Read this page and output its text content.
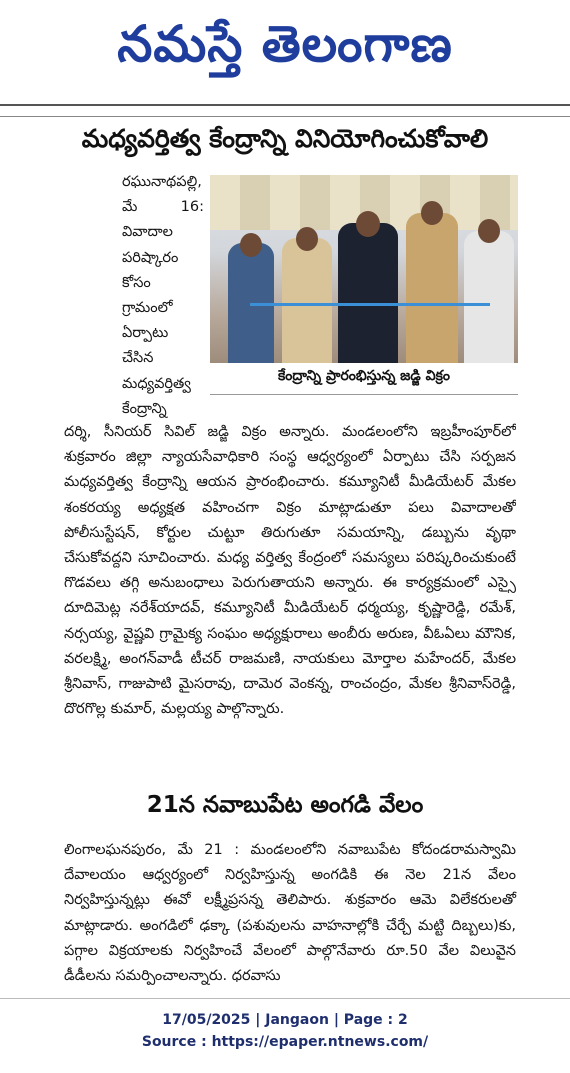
నమస్తే తెలంగాణ
మధ్యవర్తిత్వ కేంద్రాన్ని వినియోగించుకోవాలి

రఘునాథపల్లి, మే 16: వివాదాల పరిష్కారం కోసం గ్రామంలో ఏర్పాటు చేసిన మధ్యవర్తిత్వ కేంద్రాన్ని

కేంద్రాన్ని ప్రారంభిస్తున్న జడ్జి విక్రం

దర్శి, సీనియర్ సివిల్ జడ్జి విక్రం అన్నారు. మండలంలోని ఇబ్రహీంపూర్‌లో శుక్రవారం జిల్లా న్యాయసేవాధికారి సంస్థ ఆధ్వర్యంలో ఏర్పాటు చేసి సర్పజన మధ్యవర్తిత్వ కేంద్రాన్ని ఆయన ప్రారంభించారు. కమ్యూనిటీ మీడియేటర్ మేకల శంకరయ్య అధ్యక్షత వహించగా విక్రం మాట్లాడుతూ పలు వివాదాలతో పోలీసుస్టేషన్, కోర్టుల చుట్టూ తిరుగుతూ సమయాన్ని, డబ్బును వృథా చేసుకోవద్దని సూచించారు. మధ్య వర్తిత్వ కేంద్రంలో సమస్యలు పరిష్కరించుకుంటే గొడవలు తగ్గి అనుబంధాలు పెరుగుతాయని అన్నారు. ఈ కార్యక్రమంలో ఎస్సై దూదిమెట్ల నరేశ్‌యాదవ్, కమ్యూనిటీ మీడియేటర్ ధర్మయ్య, కృష్ణారెడ్డి, రమేశ్, నర్సయ్య, వైష్ణవి గ్రామైక్య సంఘం అధ్యక్షురాలు అంబీరు అరుణ, వీఓఏలు మౌనిక, వరలక్ష్మి, అంగన్‌వాడీ టీచర్ రాజమణి, నాయకులు మోర్తాల మహేందర్, మేకల శ్రీనివాస్, గాజుపాటి మైసరావు, దామెర వెంకన్న, రాంచంద్రం, మేకల శ్రీనివాస్‌రెడ్డి, దొరగొల్ల కుమార్, మల్లయ్య పాల్గొన్నారు.

21న నవాబుపేట అంగడి వేలం

లింగాలఘనపురం, మే 21 : మండలంలోని నవాబుపేట కోదండరామస్వామి దేవాలయం ఆధ్వర్యంలో నిర్వహిస్తున్న అంగడికి ఈ నెల 21న వేలం నిర్వహిస్తున్నట్లు ఈవో లక్ష్మీప్రసన్న తెలిపారు. శుక్రవారం ఆమె విలేకరులతో మాట్లాడారు. అంగడిలో ఢక్కా (పశువులను వాహనాల్లోకి చేర్చే మట్టి దిబ్బలు)కు, పగ్గాల విక్రయాలకు నిర్వహించే వేలంలో పాల్గొనేవారు రూ.50 వేల విలువైన డీడీలను సమర్పించాలన్నారు. ధరవాసు

17/05/2025 | Jangaon | Page : 2
Source : https://epaper.ntnews.com/
